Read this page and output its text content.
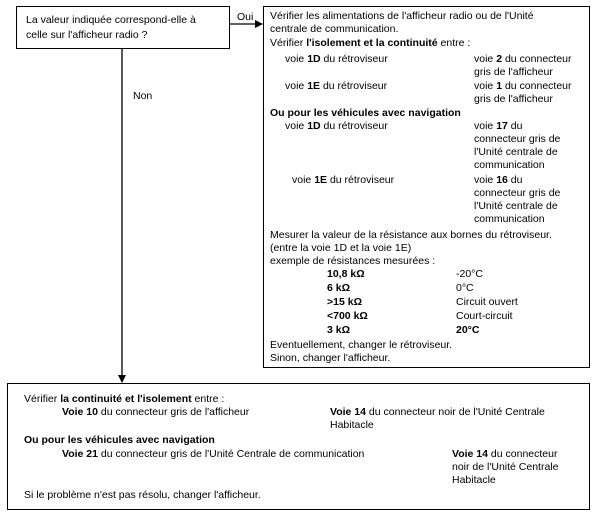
La valeur indiquée correspond-elle à
celle sur l'afficheur radio ?
Oui
Non
Vérifier les alimentations de l'afficheur radio ou de l'Unité
centrale de communication.
Vérifier l'isolement et la continuité entre :
voie 1D du rétroviseur	voie 2 du connecteur
gris de l'afficheur
voie 1E du rétroviseur	voie 1 du connecteur
gris de l'afficheur
Ou pour les véhicules avec navigation
voie 1D du rétroviseur	voie 17 du
connecteur gris de
l'Unité centrale de
communication
voie 1E du rétroviseur	voie 16 du
connecteur gris de
l'Unité centrale de
communication
Mesurer la valeur de la résistance aux bornes du rétroviseur.
(entre la voie 1D et la voie 1E)
exemple de résistances mesurées :
10,8 kΩ	-20°C
6 kΩ	0°C
>15 kΩ	Circuit ouvert
<700 kΩ	Court-circuit
3 kΩ	20°C
Eventuellement, changer le rétroviseur.
Sinon, changer l'afficheur.
Vérifier la continuité et l'isolement entre :
Voie 10 du connecteur gris de l'afficheur	Voie 14 du connecteur noir de l'Unité Centrale
Habitacle
Ou pour les véhicules avec navigation
Voie 21 du connecteur gris de l'Unité Centrale de communication	Voie 14 du connecteur
noir de l'Unité Centrale
Habitacle
Si le problème n'est pas résolu, changer l'afficheur.
